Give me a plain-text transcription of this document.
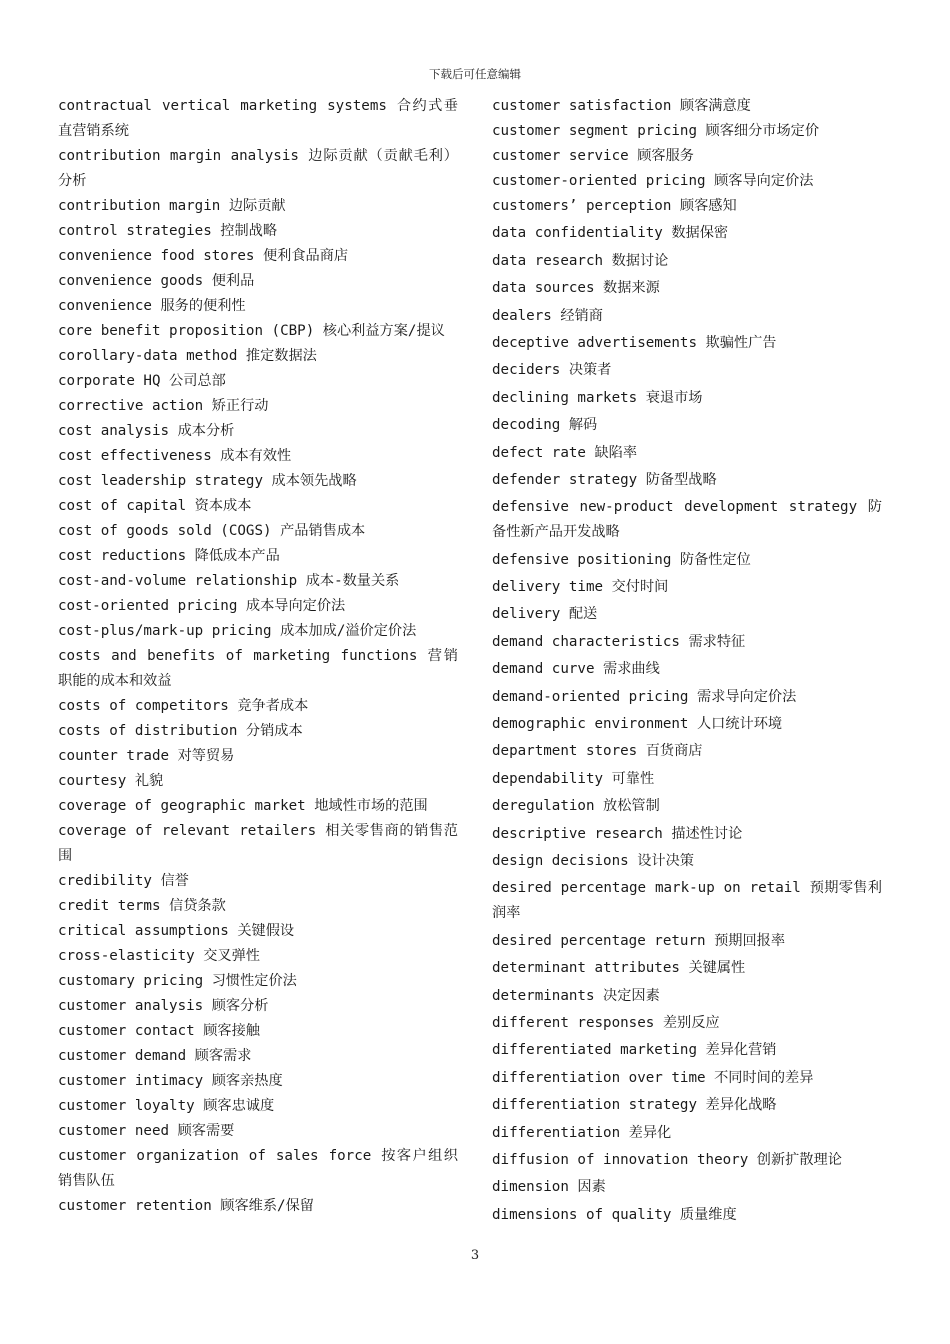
下载后可任意编辑

contractual vertical marketing systems 合约式垂直营销系统

contribution margin analysis 边际贡献（贡献毛利）分析

contribution margin 边际贡献

control strategies 控制战略

convenience food stores 便利食品商店

convenience goods 便利品

convenience 服务的便利性

core benefit proposition (CBP) 核心利益方案/提议

corollary-data method 推定数据法

corporate HQ 公司总部

corrective action 矫正行动

cost analysis 成本分析

cost effectiveness 成本有效性

cost leadership strategy 成本领先战略

cost of capital 资本成本

cost of goods sold (COGS) 产品销售成本

cost reductions 降低成本产品

cost-and-volume relationship 成本-数量关系

cost-oriented pricing 成本导向定价法

cost-plus/mark-up pricing 成本加成/溢价定价法

costs and benefits of marketing functions 营销职能的成本和效益

costs of competitors 竞争者成本

costs of distribution 分销成本

counter trade 对等贸易

courtesy 礼貌

coverage of geographic market 地域性市场的范围

coverage of relevant retailers 相关零售商的销售范围

credibility 信誉

credit terms 信贷条款

critical assumptions 关键假设

cross-elasticity 交叉弹性

customary pricing 习惯性定价法

customer analysis 顾客分析

customer contact 顾客接触

customer demand 顾客需求

customer intimacy 顾客亲热度

customer loyalty 顾客忠诚度

customer need 顾客需要

customer organization of sales force 按客户组织销售队伍

customer retention 顾客维系/保留

customer satisfaction 顾客满意度

customer segment pricing 顾客细分市场定价

customer service 顾客服务

customer-oriented pricing 顾客导向定价法

customers’ perception 顾客感知

data confidentiality 数据保密

data research 数据讨论

data sources 数据来源

dealers 经销商

deceptive advertisements 欺骗性广告

deciders 决策者

declining markets 衰退市场

decoding 解码

defect rate 缺陷率

defender strategy 防备型战略

defensive new-product development strategy 防备性新产品开发战略

defensive positioning 防备性定位

delivery time 交付时间

delivery 配送

demand characteristics 需求特征

demand curve 需求曲线

demand-oriented pricing 需求导向定价法

demographic environment 人口统计环境

department stores 百货商店

dependability 可靠性

deregulation 放松管制

descriptive research 描述性讨论

design decisions 设计决策

desired percentage mark-up on retail 预期零售利润率

desired percentage return 预期回报率

determinant attributes 关键属性

determinants 决定因素

different responses 差别反应

differentiated marketing 差异化营销

differentiation over time 不同时间的差异

differentiation strategy 差异化战略

differentiation 差异化

diffusion of innovation theory 创新扩散理论

dimension 因素

dimensions of quality 质量维度

3
